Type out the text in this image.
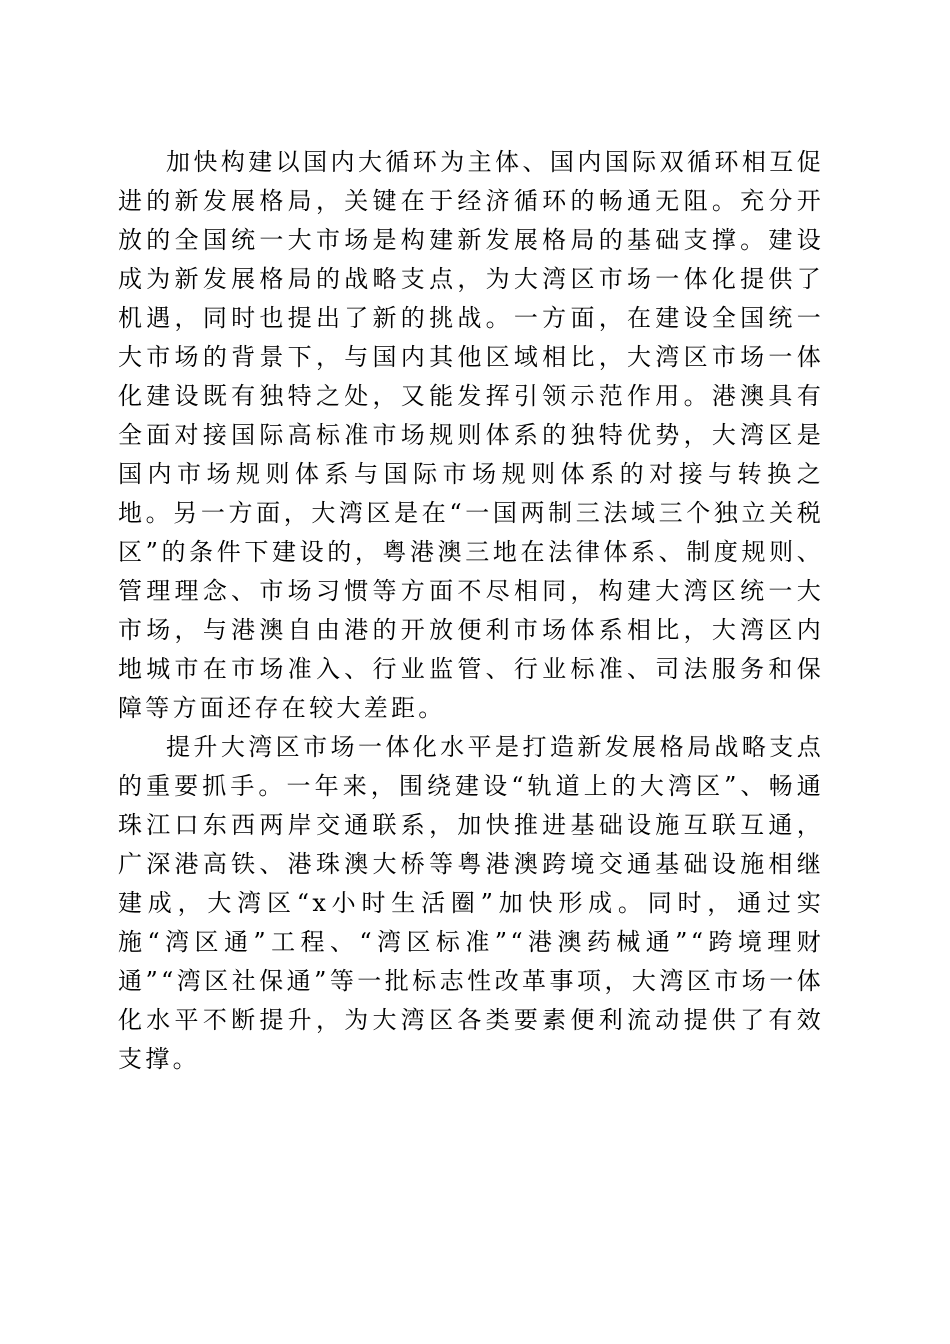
加快构建以国内大循环为主体、国内国际双循环相互促进的新发展格局，关键在于经济循环的畅通无阻。充分开放的全国统一大市场是构建新发展格局的基础支撑。建设成为新发展格局的战略支点，为大湾区市场一体化提供了机遇，同时也提出了新的挑战。一方面，在建设全国统一大市场的背景下，与国内其他区域相比，大湾区市场一体化建设既有独特之处，又能发挥引领示范作用。港澳具有全面对接国际高标准市场规则体系的独特优势，大湾区是国内市场规则体系与国际市场规则体系的对接与转换之地。另一方面，大湾区是在“一国两制三法域三个独立关税区”的条件下建设的，粤港澳三地在法律体系、制度规则、管理理念、市场习惯等方面不尽相同，构建大湾区统一大市场，与港澳自由港的开放便利市场体系相比，大湾区内地城市在市场准入、行业监管、行业标准、司法服务和保障等方面还存在较大差距。

提升大湾区市场一体化水平是打造新发展格局战略支点的重要抓手。一年来，围绕建设“轨道上的大湾区”、畅通珠江口东西两岸交通联系，加快推进基础设施互联互通，广深港高铁、港珠澳大桥等粤港澳跨境交通基础设施相继建成，大湾区“x小时生活圈”加快形成。同时，通过实施“湾区通”工程、“湾区标准”“港澳药械通”“跨境理财通”“湾区社保通”等一批标志性改革事项，大湾区市场一体化水平不断提升，为大湾区各类要素便利流动提供了有效支撑。
